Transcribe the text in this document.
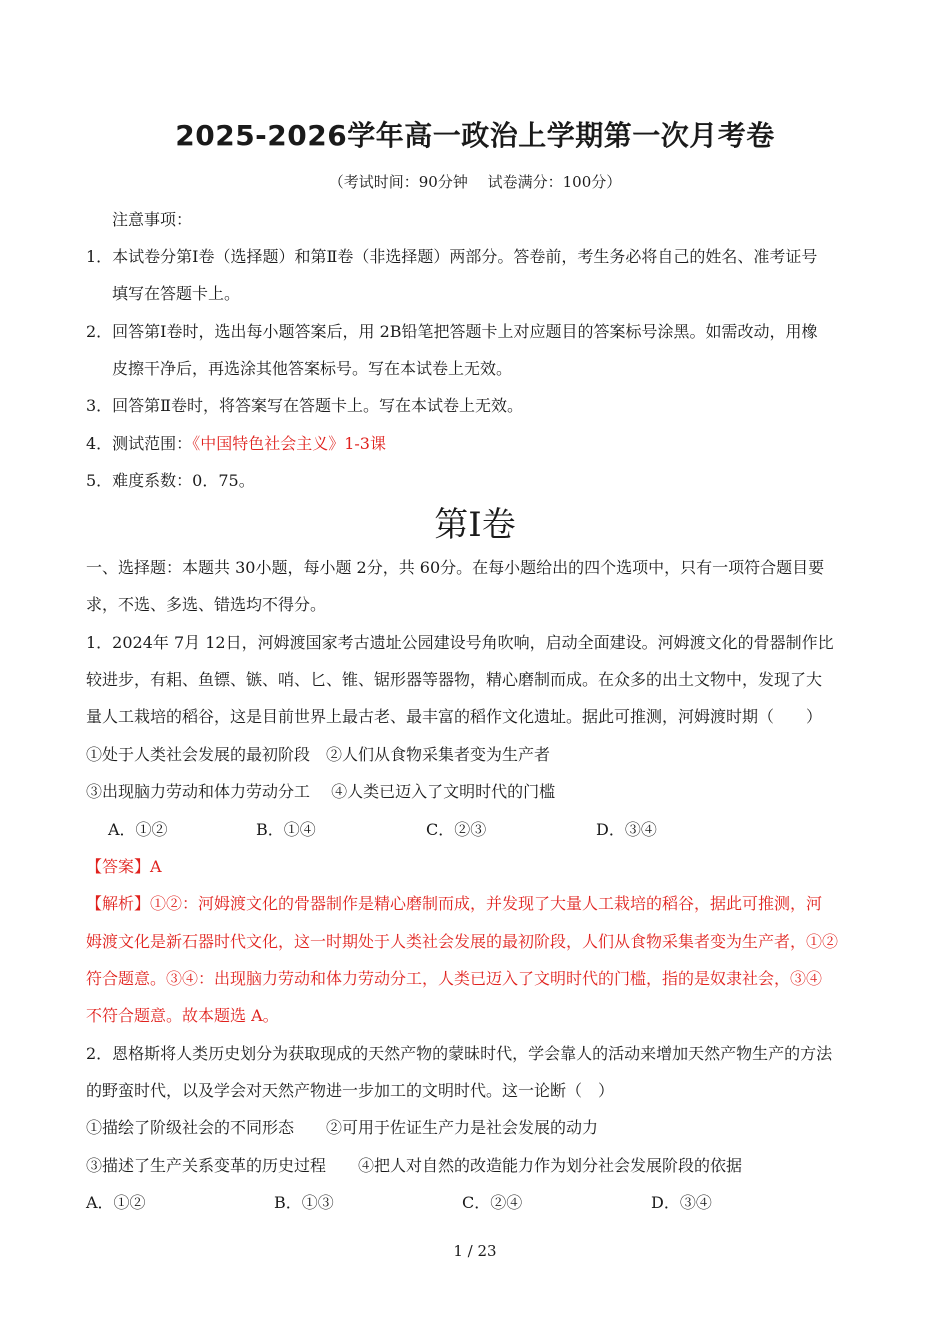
2025-2026学年高一政治上学期第一次月考卷
（考试时间：90分钟　 试卷满分：100分）
注意事项：
1．本试卷分第Ⅰ卷（选择题）和第Ⅱ卷（非选择题）两部分。答卷前，考生务必将自己的姓名、准考证号
填写在答题卡上。
2．回答第Ⅰ卷时，选出每小题答案后，用 2B铅笔把答题卡上对应题目的答案标号涂黑。如需改动，用橡
皮擦干净后，再选涂其他答案标号。写在本试卷上无效。
3．回答第Ⅱ卷时，将答案写在答题卡上。写在本试卷上无效。
4．测试范围：《中国特色社会主义》1-3课
5．难度系数：0．75。
第Ⅰ卷
一、选择题：本题共 30小题，每小题 2分，共 60分。在每小题给出的四个选项中，只有一项符合题目要
求，不选、多选、错选均不得分。
1．2024年 7月 12日，河姆渡国家考古遗址公园建设号角吹响，启动全面建设。河姆渡文化的骨器制作比
较进步，有耜、鱼镖、镞、哨、匕、锥、锯形器等器物，精心磨制而成。在众多的出土文物中，发现了大
量人工栽培的稻谷，这是目前世界上最古老、最丰富的稻作文化遗址。据此可推测，河姆渡时期（　　）
①处于人类社会发展的最初阶段　②人们从食物采集者变为生产者
③出现脑力劳动和体力劳动分工　 ④人类已迈入了文明时代的门槛
A．①②	B．①④	C．②③	D．③④
【答案】A
【解析】①②：河姆渡文化的骨器制作是精心磨制而成，并发现了大量人工栽培的稻谷，据此可推测，河
姆渡文化是新石器时代文化，这一时期处于人类社会发展的最初阶段，人们从食物采集者变为生产者，①②
符合题意。③④：出现脑力劳动和体力劳动分工，人类已迈入了文明时代的门槛，指的是奴隶社会，③④
不符合题意。故本题选 A。
2．恩格斯将人类历史划分为获取现成的天然产物的蒙昧时代，学会靠人的活动来增加天然产物生产的方法
的野蛮时代，以及学会对天然产物进一步加工的文明时代。这一论断（　）
①描绘了阶级社会的不同形态　　②可用于佐证生产力是社会发展的动力
③描述了生产关系变革的历史过程　　④把人对自然的改造能力作为划分社会发展阶段的依据
A．①②	B．①③	C．②④	D．③④
1 / 23
